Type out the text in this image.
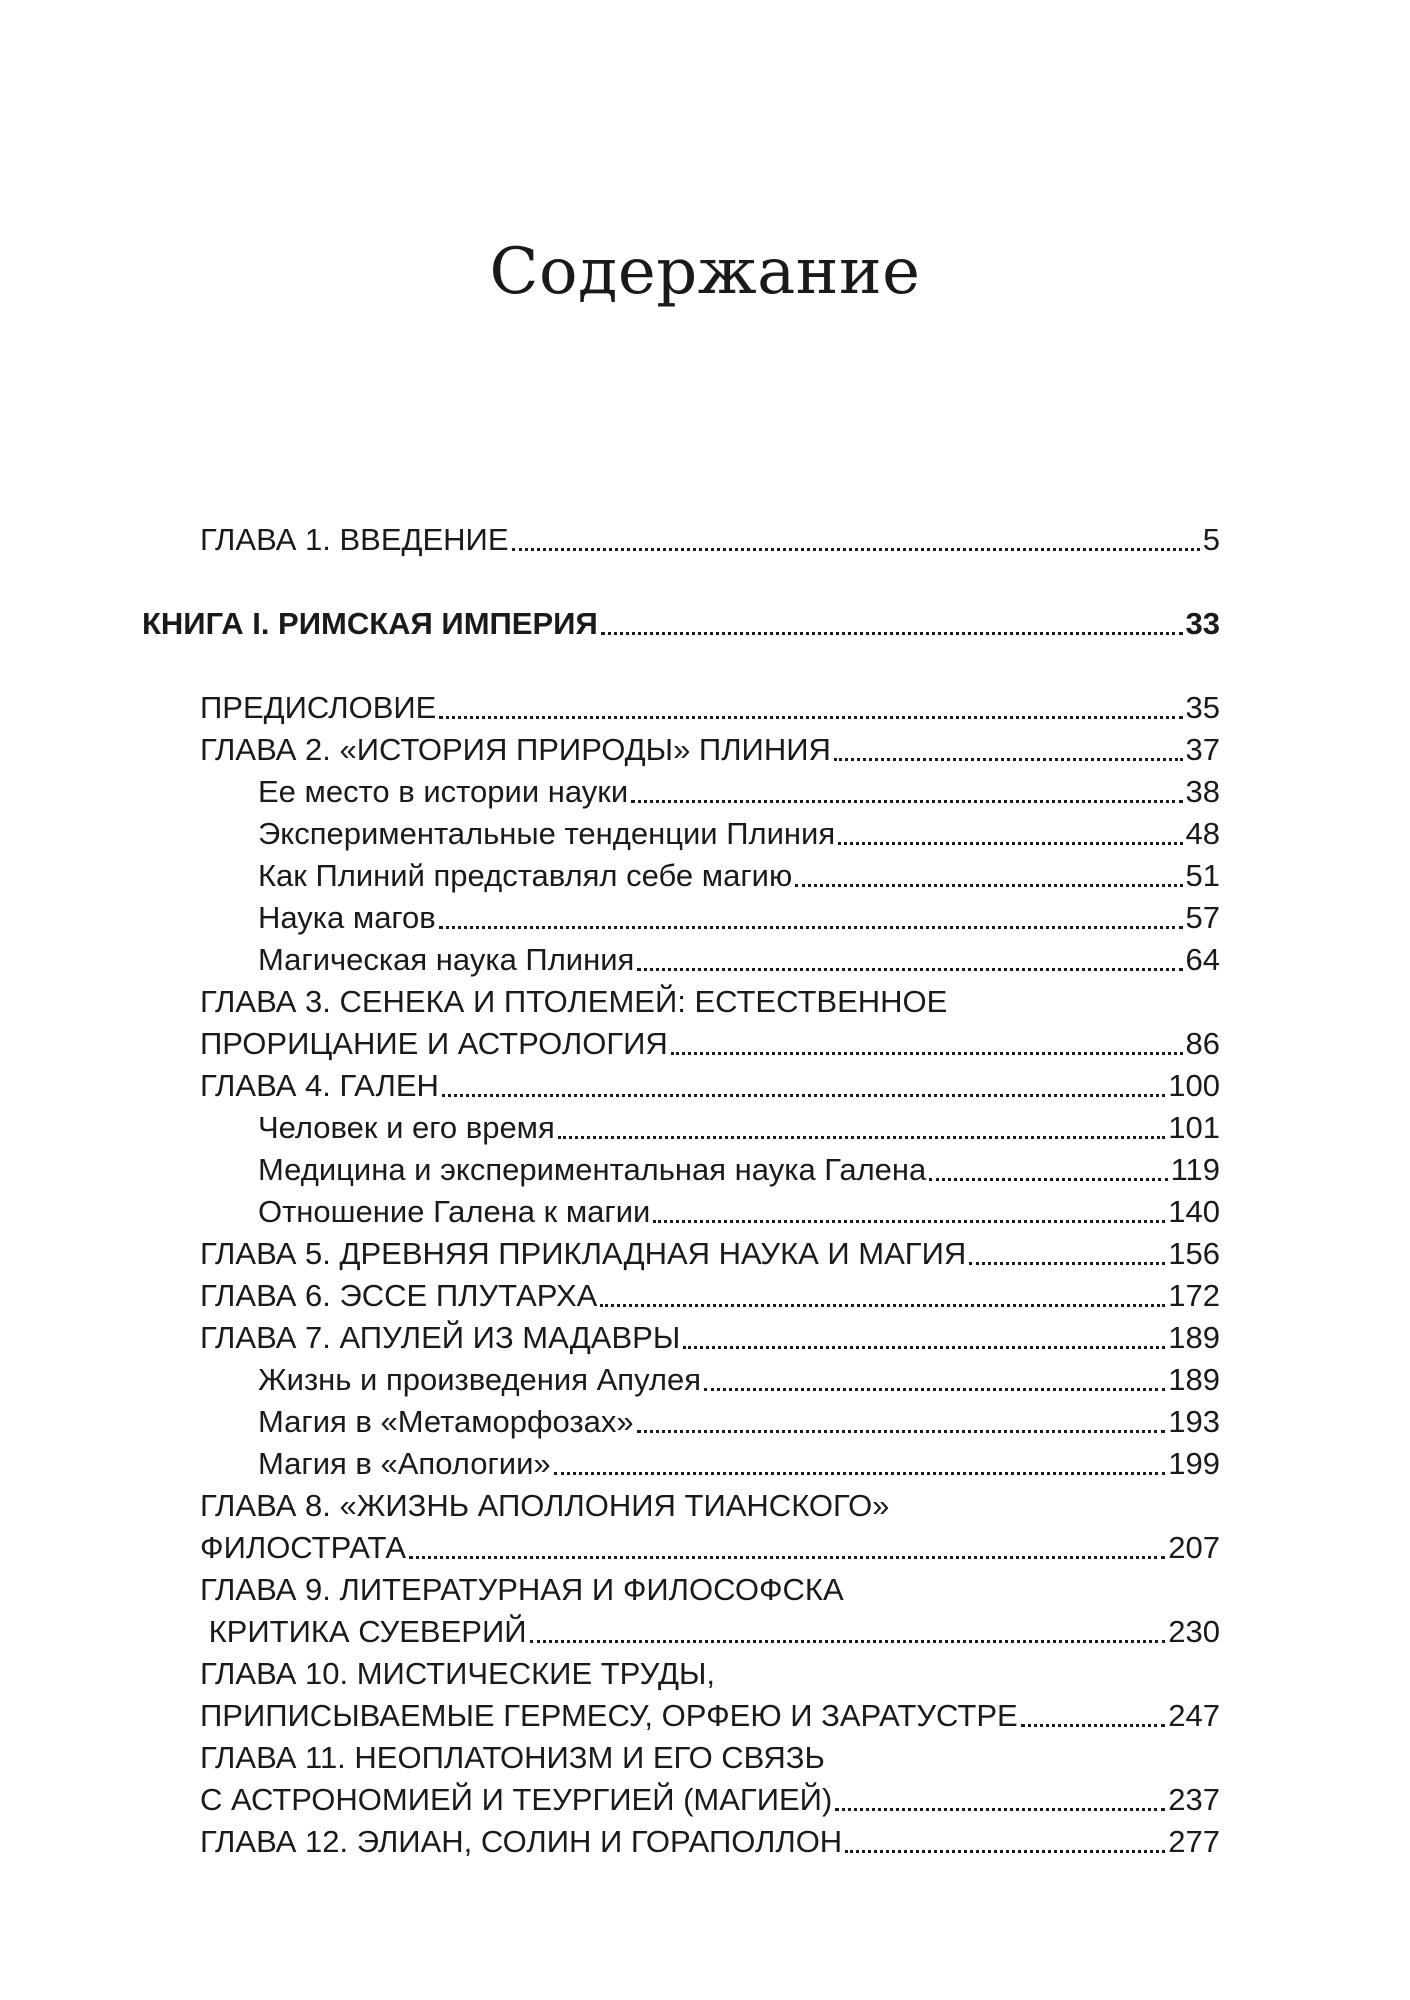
Содержание
ГЛАВА 1. ВВЕДЕНИЕ	5
КНИГА I. РИМСКАЯ ИМПЕРИЯ	33
ПРЕДИСЛОВИЕ	35
ГЛАВА 2. «ИСТОРИЯ ПРИРОДЫ» ПЛИНИЯ	37
Ее место в истории науки	38
Экспериментальные тенденции Плиния	48
Как Плиний представлял себе магию	51
Наука магов	57
Магическая наука Плиния	64
ГЛАВА 3. СЕНЕКА И ПТОЛЕМЕЙ: ЕСТЕСТВЕННОЕ
ПРОРИЦАНИЕ И АСТРОЛОГИЯ	86
ГЛАВА 4. ГАЛЕН	100
Человек и его время	101
Медицина и экспериментальная наука Галена	119
Отношение Галена к магии	140
ГЛАВА 5. ДРЕВНЯЯ ПРИКЛАДНАЯ НАУКА И МАГИЯ	156
ГЛАВА 6. ЭССЕ ПЛУТАРХА	172
ГЛАВА 7. АПУЛЕЙ ИЗ МАДАВРЫ	189
Жизнь и произведения Апулея	189
Магия в «Метаморфозах»	193
Магия в «Апологии»	199
ГЛАВА 8. «ЖИЗНЬ АПОЛЛОНИЯ ТИАНСКОГО»
ФИЛОСТРАТА	207
ГЛАВА 9. ЛИТЕРАТУРНАЯ И ФИЛОСОФСКА
КРИТИКА СУЕВЕРИЙ	230
ГЛАВА 10. МИСТИЧЕСКИЕ ТРУДЫ,
ПРИПИСЫВАЕМЫЕ ГЕРМЕСУ, ОРФЕЮ И ЗАРАТУСТРЕ	247
ГЛАВА 11. НЕОПЛАТОНИЗМ И ЕГО СВЯЗЬ
С АСТРОНОМИЕЙ И ТЕУРГИЕЙ (МАГИЕЙ)	237
ГЛАВА 12. ЭЛИАН, СОЛИН И ГОРАПОЛЛОН	277
